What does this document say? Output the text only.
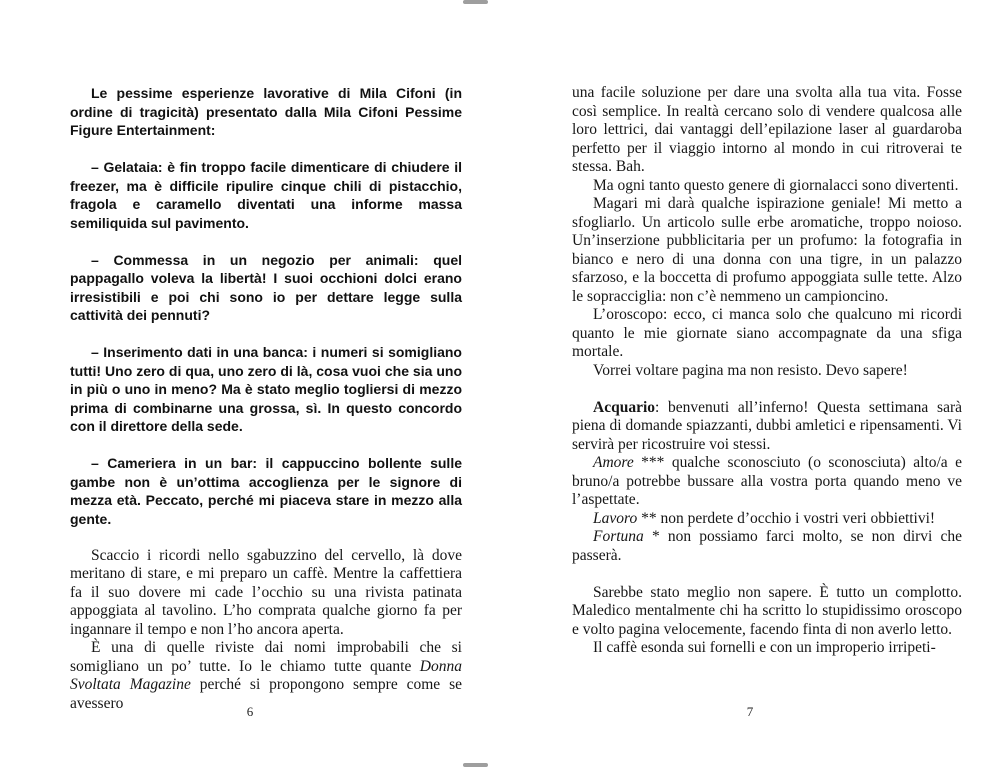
Le pessime esperienze lavorative di Mila Cifoni (in ordine di tragicità) presentato dalla Mila Cifoni Pessime Figure Entertainment:

– Gelataia: è fin troppo facile dimenticare di chiudere il freezer, ma è difficile ripulire cinque chili di pistacchio, fragola e caramello diventati una informe massa semiliquida sul pavimento.

– Commessa in un negozio per animali: quel pappagallo voleva la libertà! I suoi occhioni dolci erano irresistibili e poi chi sono io per dettare legge sulla cattività dei pennuti?

– Inserimento dati in una banca: i numeri si somigliano tutti! Uno zero di qua, uno zero di là, cosa vuoi che sia uno in più o uno in meno? Ma è stato meglio togliersi di mezzo prima di combinarne una grossa, sì. In questo concordo con il direttore della sede.

– Cameriera in un bar: il cappuccino bollente sulle gambe non è un’ottima accoglienza per le signore di mezza età. Peccato, perché mi piaceva stare in mezzo alla gente.

Scaccio i ricordi nello sgabuzzino del cervello, là dove meritano di stare, e mi preparo un caffè. Mentre la caffettiera fa il suo dovere mi cade l’occhio su una rivista patinata appoggiata al tavolino. L’ho comprata qualche giorno fa per ingannare il tempo e non l’ho ancora aperta.

È una di quelle riviste dai nomi improbabili che si somigliano un po’ tutte. Io le chiamo tutte quante Donna Svoltata Magazine perché si propongono sempre come se avessero

una facile soluzione per dare una svolta alla tua vita. Fosse così semplice. In realtà cercano solo di vendere qualcosa alle loro lettrici, dai vantaggi dell’epilazione laser al guardaroba perfetto per il viaggio intorno al mondo in cui ritroverai te stessa. Bah.

Ma ogni tanto questo genere di giornalacci sono divertenti.

Magari mi darà qualche ispirazione geniale! Mi metto a sfogliarlo. Un articolo sulle erbe aromatiche, troppo noioso. Un’inserzione pubblicitaria per un profumo: la fotografia in bianco e nero di una donna con una tigre, in un palazzo sfarzoso, e la boccetta di profumo appoggiata sulle tette. Alzo le sopracciglia: non c’è nemmeno un campioncino.

L’oroscopo: ecco, ci manca solo che qualcuno mi ricordi quanto le mie giornate siano accompagnate da una sfiga mortale.

Vorrei voltare pagina ma non resisto. Devo sapere!

Acquario: benvenuti all’inferno! Questa settimana sarà piena di domande spiazzanti, dubbi amletici e ripensamenti. Vi servirà per ricostruire voi stessi.

Amore *** qualche sconosciuto (o sconosciuta) alto/a e bruno/a potrebbe bussare alla vostra porta quando meno ve l’aspettate.

Lavoro ** non perdete d’occhio i vostri veri obbiettivi!

Fortuna * non possiamo farci molto, se non dirvi che passerà.

Sarebbe stato meglio non sapere. È tutto un complotto. Maledico mentalmente chi ha scritto lo stupidissimo oroscopo e volto pagina velocemente, facendo finta di non averlo letto.

Il caffè esonda sui fornelli e con un improperio irripeti-

6	7
